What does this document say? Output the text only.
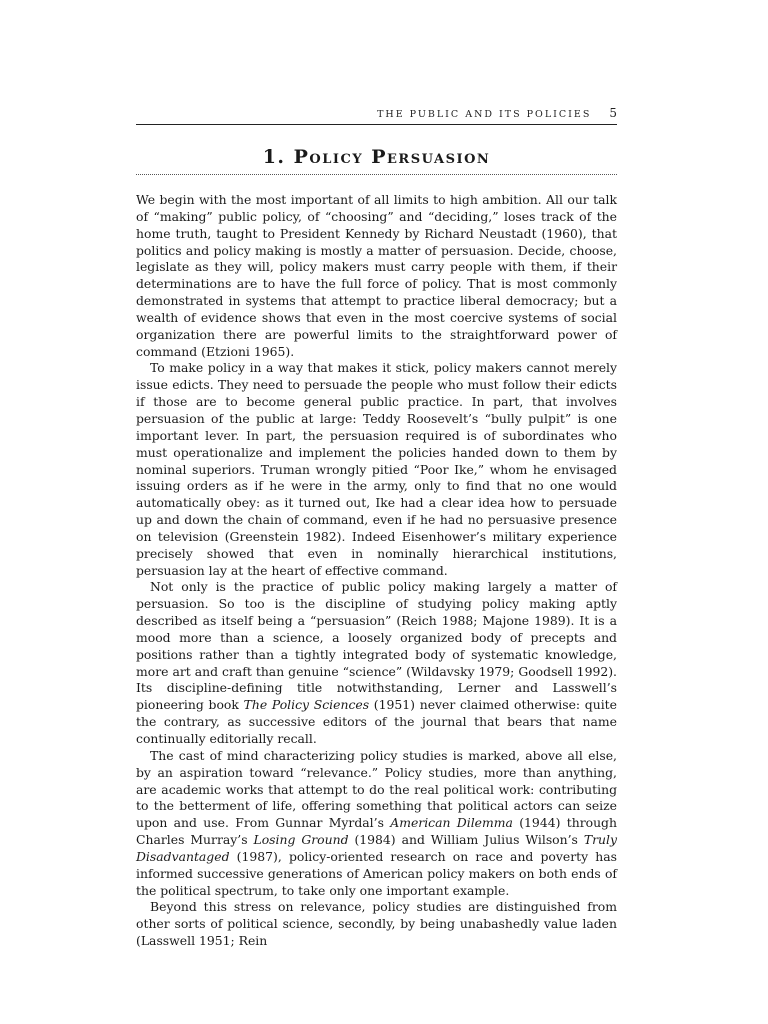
THE PUBLIC AND ITS POLICIES 5
1. Policy Persuasion

We begin with the most important of all limits to high ambition. All our talk of “making” public policy, of “choosing” and “deciding,” loses track of the home truth, taught to President Kennedy by Richard Neustadt (1960), that politics and policy making is mostly a matter of persuasion. Decide, choose, legislate as they will, policy makers must carry people with them, if their determinations are to have the full force of policy. That is most commonly demonstrated in systems that attempt to practice liberal democracy; but a wealth of evidence shows that even in the most coercive systems of social organization there are powerful limits to the straightforward power of command (Etzioni 1965).

To make policy in a way that makes it stick, policy makers cannot merely issue edicts. They need to persuade the people who must follow their edicts if those are to become general public practice. In part, that involves persuasion of the public at large: Teddy Roosevelt’s “bully pulpit” is one important lever. In part, the persuasion required is of subordinates who must operationalize and implement the policies handed down to them by nominal superiors. Truman wrongly pitied “Poor Ike,” whom he envisaged issuing orders as if he were in the army, only to find that no one would automatically obey: as it turned out, Ike had a clear idea how to persuade up and down the chain of command, even if he had no persuasive presence on television (Greenstein 1982). Indeed Eisenhower’s military experience precisely showed that even in nominally hierarchical institutions, persuasion lay at the heart of effective command.

Not only is the practice of public policy making largely a matter of persuasion. So too is the discipline of studying policy making aptly described as itself being a “persuasion” (Reich 1988; Majone 1989). It is a mood more than a science, a loosely organized body of precepts and positions rather than a tightly integrated body of systematic knowledge, more art and craft than genuine “science” (Wildavsky 1979; Goodsell 1992). Its discipline-defining title notwithstanding, Lerner and Lasswell’s pioneering book The Policy Sciences (1951) never claimed otherwise: quite the contrary, as successive editors of the journal that bears that name continually editorially recall.

The cast of mind characterizing policy studies is marked, above all else, by an aspiration toward “relevance.” Policy studies, more than anything, are academic works that attempt to do the real political work: contributing to the betterment of life, offering something that political actors can seize upon and use. From Gunnar Myrdal’s American Dilemma (1944) through Charles Murray’s Losing Ground (1984) and William Julius Wilson’s Truly Disadvantaged (1987), policy-oriented research on race and poverty has informed successive generations of American policy makers on both ends of the political spectrum, to take only one important example.

Beyond this stress on relevance, policy studies are distinguished from other sorts of political science, secondly, by being unabashedly value laden (Lasswell 1951; Rein
